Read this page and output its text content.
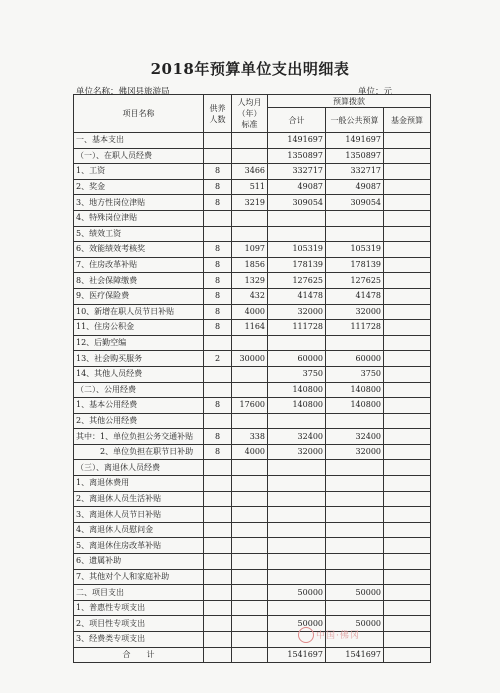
2018年预算单位支出明细表
单位名称：佛冈县旅游局	单位：元
项目名称	供养人数	人均月（年）标准	预算拨款		
			合计	一般公共预算	基金预算
一、基本支出			1491697	1491697	
（一）、在职人员经费			1350897	1350897	
1、工资	8	3466	332717	332717	
2、奖金	8	511	49087	49087	
3、地方性岗位津贴	8	3219	309054	309054	
4、特殊岗位津贴					
5、绩效工资					
6、效能绩效考核奖	8	1097	105319	105319	
7、住房改革补贴	8	1856	178139	178139	
8、社会保障缴费	8	1329	127625	127625	
9、医疗保险费	8	432	41478	41478	
10、新增在职人员节日补贴	8	4000	32000	32000	
11、住房公积金	8	1164	111728	111728	
12、后勤空编					
13、社会购买服务	2	30000	60000	60000	
14、其他人员经费			3750	3750	
（二）、公用经费			140800	140800	
1、基本公用经费	8	17600	140800	140800	
2、其他公用经费					
其中：1、单位负担公务交通补贴	8	338	32400	32400	
　　　2、单位负担在职节日补助	8	4000	32000	32000	
（三）、离退休人员经费					
1、离退休费用					
2、离退休人员生活补贴					
3、离退休人员节日补贴					
4、离退休人员慰问金					
5、离退休住房改革补贴					
6、遗属补助					
7、其他对个人和家庭补助					
二、项目支出			50000	50000	
1、普惠性专项支出					
2、项目性专项支出			50000	50000	
3、经费类专项支出					
合　　计			1541697	1541697	
中国·佛冈
